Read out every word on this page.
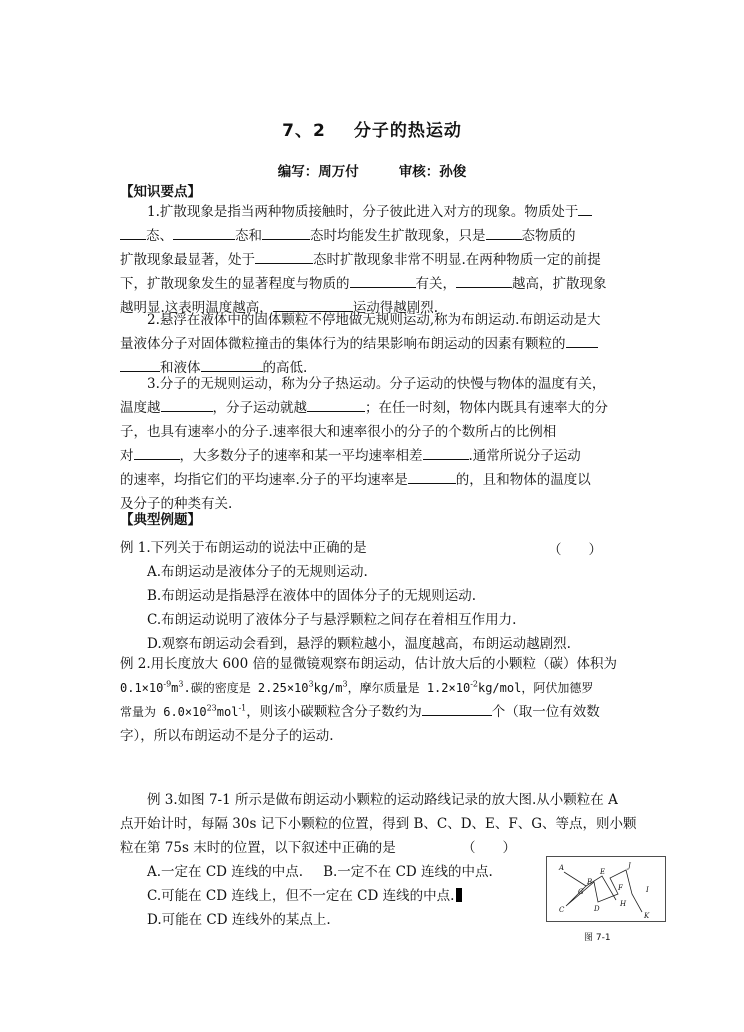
7、2 分子的热运动
编写：周万付	审核：孙俊
【知识要点】
1.扩散现象是指当两种物质接触时，分子彼此进入对方的现象。物质处于
态、	态和	态时均能发生扩散现象，只是	态物质的
扩散现象最显著，处于	态时扩散现象非常不明显.在两种物质一定的前提
下，扩散现象发生的显著程度与物质的	有关，	越高，扩散现象
越明显.这表明温度越高，	运动得越剧烈.
2.悬浮在液体中的固体颗粒不停地做无规则运动,称为布朗运动.布朗运动是大
量液体分子对固体微粒撞击的集体行为的结果影响布朗运动的因素有颗粒的
和液体	的高低.
3.分子的无规则运动，称为分子热运动。分子运动的快慢与物体的温度有关，
温度越	，分子运动就越	；在任一时刻，物体内既具有速率大的分
子，也具有速率小的分子.速率很大和速率很小的分子的个数所占的比例相
对	，大多数分子的速率和某一平均速率相差	.通常所说分子运动
的速率，均指它们的平均速率.分子的平均速率是	的，且和物体的温度以
及分子的种类有关.
【典型例题】
例 1.下列关于布朗运动的说法中正确的是
A.布朗运动是液体分子的无规则运动.
B.布朗运动是指悬浮在液体中的固体分子的无规则运动.
C.布朗运动说明了液体分子与悬浮颗粒之间存在着相互作用力.
D.观察布朗运动会看到，悬浮的颗粒越小，温度越高，布朗运动越剧烈.
（　　）
例 2.用长度放大 600 倍的显微镜观察布朗运动，估计放大后的小颗粒（碳）体积为
$0.1\times 10^{-9}m^3$.碳的密度是 $2.25\times 10^3kg/m^3$，摩尔质量是 $1.2\times 10^{-2}kg$/mol，阿伏加德罗
常量为 $6.0\times 10^{23}mol^{-1}$，则该小碳颗粒含分子数约为	个（取一位有效数
字），所以布朗运动不是分子的运动.
例 3.如图 7-1 所示是做布朗运动小颗粒的运动路线记录的放大图.从小颗粒在 A
点开始计时，每隔 30s 记下小颗粒的位置，得到 B、C、D、E、F、G、等点，则小颗
粒在第 75s 末时的位置，以下叙述中正确的是
A.一定在 CD 连线的中点. B.一定不在 CD 连线的中点.
C.可能在 CD 连线上，但不一定在 CD 连线的中点.
D.可能在 CD 连线外的某点上.
（　　）
A
B
C	D
E
F
G
H
I
J
K
图 7-1
